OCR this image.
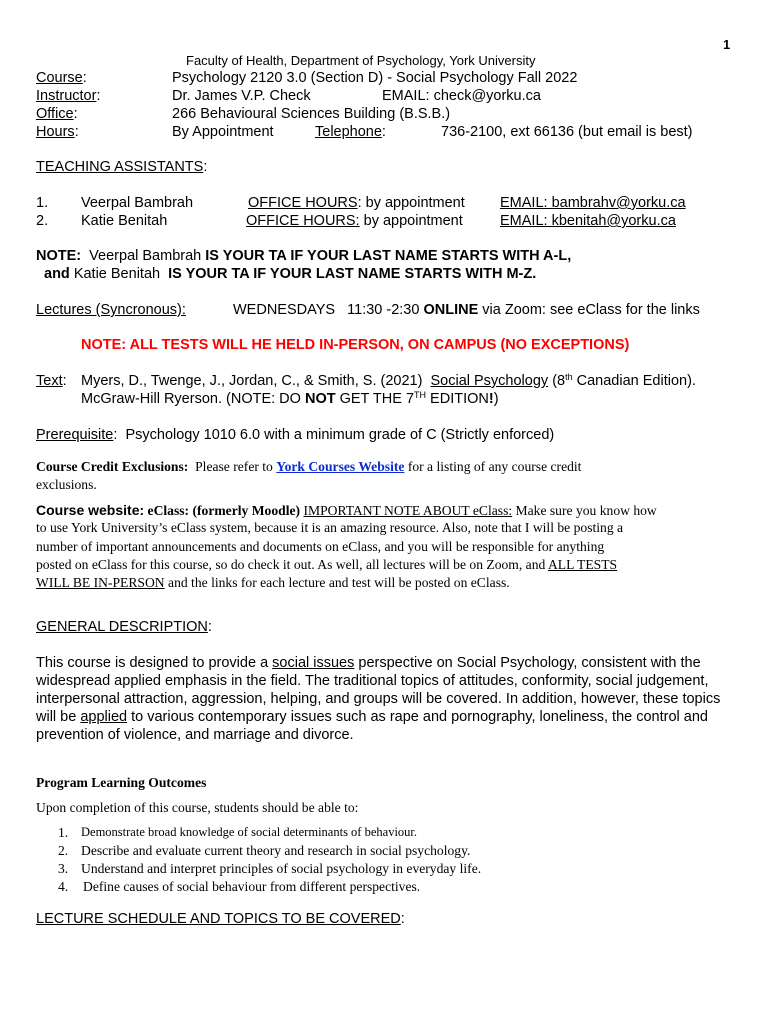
1
Faculty of Health, Department of Psychology, York University
Course:	Psychology 2120 3.0 (Section D) - Social Psychology Fall 2022
Instructor:	Dr. James V.P. Check	EMAIL: check@yorku.ca
Office:	266 Behavioural Sciences Building (B.S.B.)
Hours:	By Appointment	Telephone:	736-2100, ext 66136 (but email is best)
TEACHING ASSISTANTS:
1. Veerpal Bambrah	OFFICE HOURS: by appointment EMAIL: bambrahv@yorku.ca
2. Katie Benitah	OFFICE HOURS: by appointment	EMAIL: kbenitah@yorku.ca
NOTE: Veerpal Bambrah IS YOUR TA IF YOUR LAST NAME STARTS WITH A-L,
and Katie Benitah IS YOUR TA IF YOUR LAST NAME STARTS WITH M-Z.
Lectures (Syncronous):	WEDNESDAYS   11:30 -2:30 ONLINE via Zoom: see eClass for the links
NOTE: ALL TESTS WILL HE HELD IN-PERSON, ON CAMPUS (NO EXCEPTIONS)
Text: Myers, D., Twenge, J., Jordan, C., & Smith, S. (2021) Social Psychology (8th Canadian Edition).
McGraw-Hill Ryerson. (NOTE: DO NOT GET THE 7TH EDITION!)
Prerequisite:  Psychology 1010 6.0 with a minimum grade of C (Strictly enforced)
Course Credit Exclusions: Please refer to York Courses Website for a listing of any course credit
exclusions.
Course website: eClass: (formerly Moodle) IMPORTANT NOTE ABOUT eClass: Make sure you know how
to use York University’s eClass system, because it is an amazing resource. Also, note that I will be posting a
number of important announcements and documents on eClass, and you will be responsible for anything
posted on eClass for this course, so do check it out. As well, all lectures will be on Zoom, and ALL TESTS
WILL BE IN-PERSON and the links for each lecture and test will be posted on eClass.
GENERAL DESCRIPTION:
This course is designed to provide a social issues perspective on Social Psychology, consistent with the widespread applied emphasis in the field. The traditional topics of attitudes, conformity, social judgement, interpersonal attraction, aggression, helping, and groups will be covered. In addition, however, these topics will be applied to various contemporary issues such as rape and pornography, loneliness, the control and prevention of violence, and marriage and divorce.
Program Learning Outcomes
Upon completion of this course, students should be able to:
1. Demonstrate broad knowledge of social determinants of behaviour.
2. Describe and evaluate current theory and research in social psychology.
3. Understand and interpret principles of social psychology in everyday life.
4. Define causes of social behaviour from different perspectives.
LECTURE SCHEDULE AND TOPICS TO BE COVERED:
